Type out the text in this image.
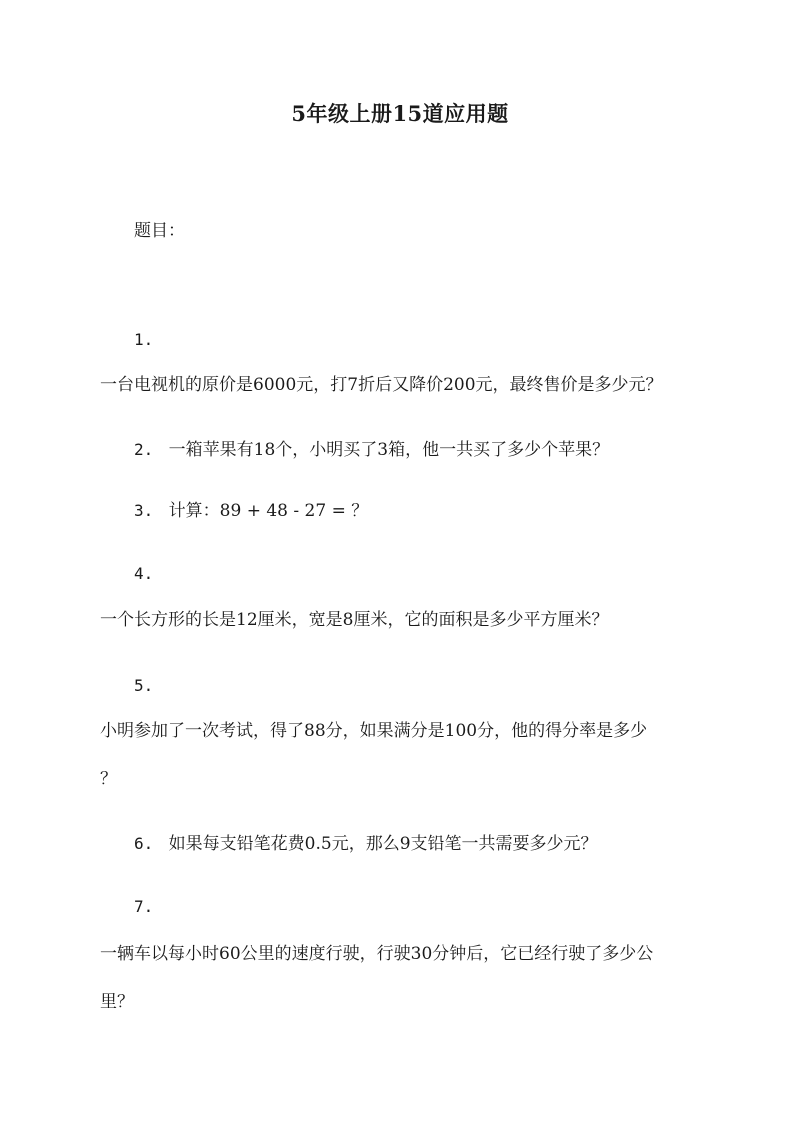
5年级上册15道应用题
题目：
1.
一台电视机的原价是6000元，打7折后又降价200元，最终售价是多少元？
2. 一箱苹果有18个，小明买了3箱，他一共买了多少个苹果？
3. 计算：89 + 48 - 27 = ？
4.
一个长方形的长是12厘米，宽是8厘米，它的面积是多少平方厘米？
5.
小明参加了一次考试，得了88分，如果满分是100分，他的得分率是多少
？
6. 如果每支铅笔花费0.5元，那么9支铅笔一共需要多少元？
7.
一辆车以每小时60公里的速度行驶，行驶30分钟后，它已经行驶了多少公
里？
